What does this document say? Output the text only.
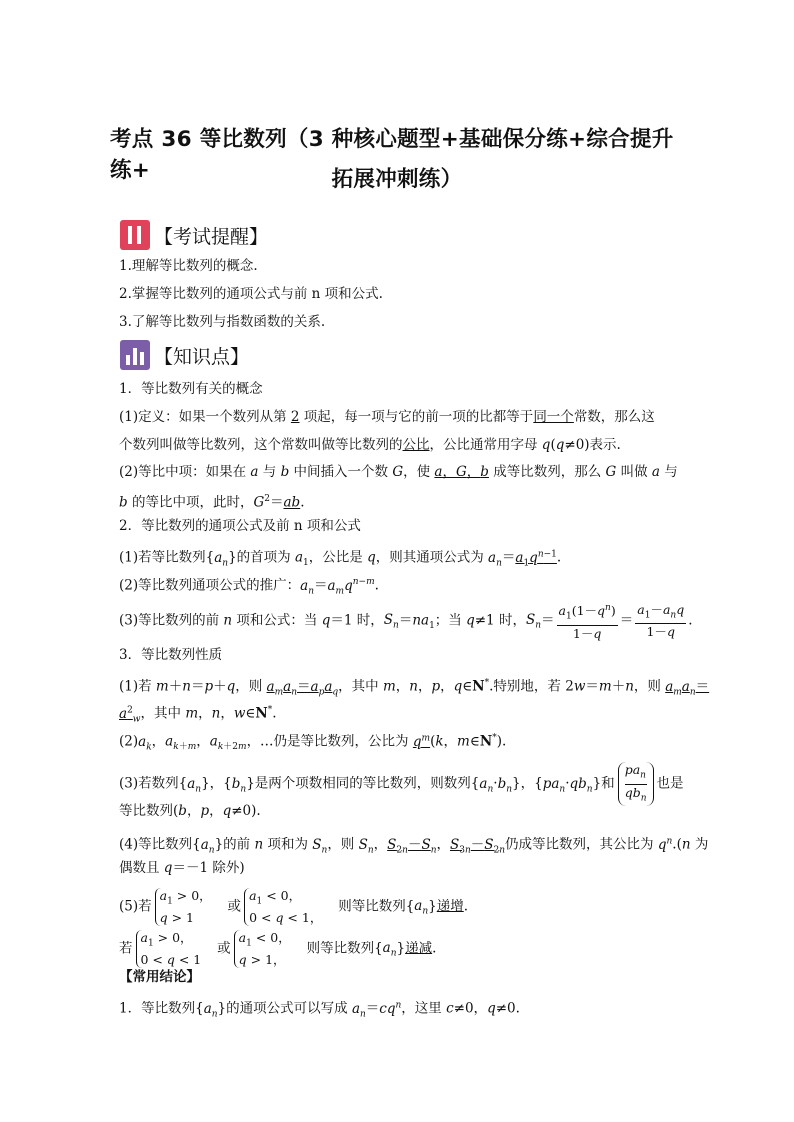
考点 36 等比数列（3 种核心题型+基础保分练+综合提升练+	拓展冲刺练）
【考试提醒】
1.理解等比数列的概念.
2.掌握等比数列的通项公式与前 n 项和公式.
3.了解等比数列与指数函数的关系.
【知识点】
1．等比数列有关的概念
(1)定义：如果一个数列从第 2 项起，每一项与它的前一项的比都等于同一个常数，那么这
个数列叫做等比数列，这个常数叫做等比数列的公比，公比通常用字母 q(q≠0)表示.
(2)等比中项：如果在 a 与 b 中间插入一个数 G，使 a，G，b 成等比数列，那么 G 叫做 a 与
b 的等比中项，此时，$G^2=ab$.
2．等比数列的通项公式及前 n 项和公式
(1)若等比数列$\{a_n\}$的首项为 $a_1$，公比是 q，则其通项公式为 $a_n=a_1q^{n-1}$.
(2)等比数列通项公式的推广：$a_n=a_mq^{n-m}$.
(3)等比数列的前 n 项和公式：当 q＝1 时，$S_n=na_1$；当 q≠1 时，$S_n= \frac{a_1(1-q^n)}{1-q} = \frac{a_1-a_nq}{1-q}$ .
3．等比数列性质
(1)若 m＋n＝p＋q，则 $a_ma_n=a_pa_q$，其中 m，n，p，q∈N*.特别地，若 2w＝m＋n，则 $a_ma_n=$
$a^2_w$，其中 m，n，w∈N*.
$(2)a_k$，$a_{k+m}$，$a_{k+2m}$，…仍是等比数列，公比为 $q^m(k$，m∈N*).
(3)若数列$\{a_n\}$，$\{b_n\}$是两个项数相同的等比数列，则数列$\{a_n\cdot b_n\}$，$\{pa_n\cdot qb_n\}$和
$pa_n$
$qb_n$
也是
等比数列(b，p，q≠0).
(4)等比数列$\{a_n\}$的前 n 项和为 $S_n$，则 $S_n$，$S_{2n}-S_n$，$S_{3n}-S_{2n}$仍成等比数列，其公比为 $q^n.(n$ 为
偶数且 q＝－1 除外)
(5)若
$a_1 > 0$，
q > 1
或
$a_1 < 0$，
0 < q < 1，
则等比数列$\{a_n\}$递增.
若
$a_1 > 0$，
0 < q < 1
或
$a_1 < 0$，
q > 1，
则等比数列$\{a_n\}$递减.
【常用结论】
1．等比数列$\{a_n\}$的通项公式可以写成 $a_n=cq^n$，这里 c≠0，q≠0.
